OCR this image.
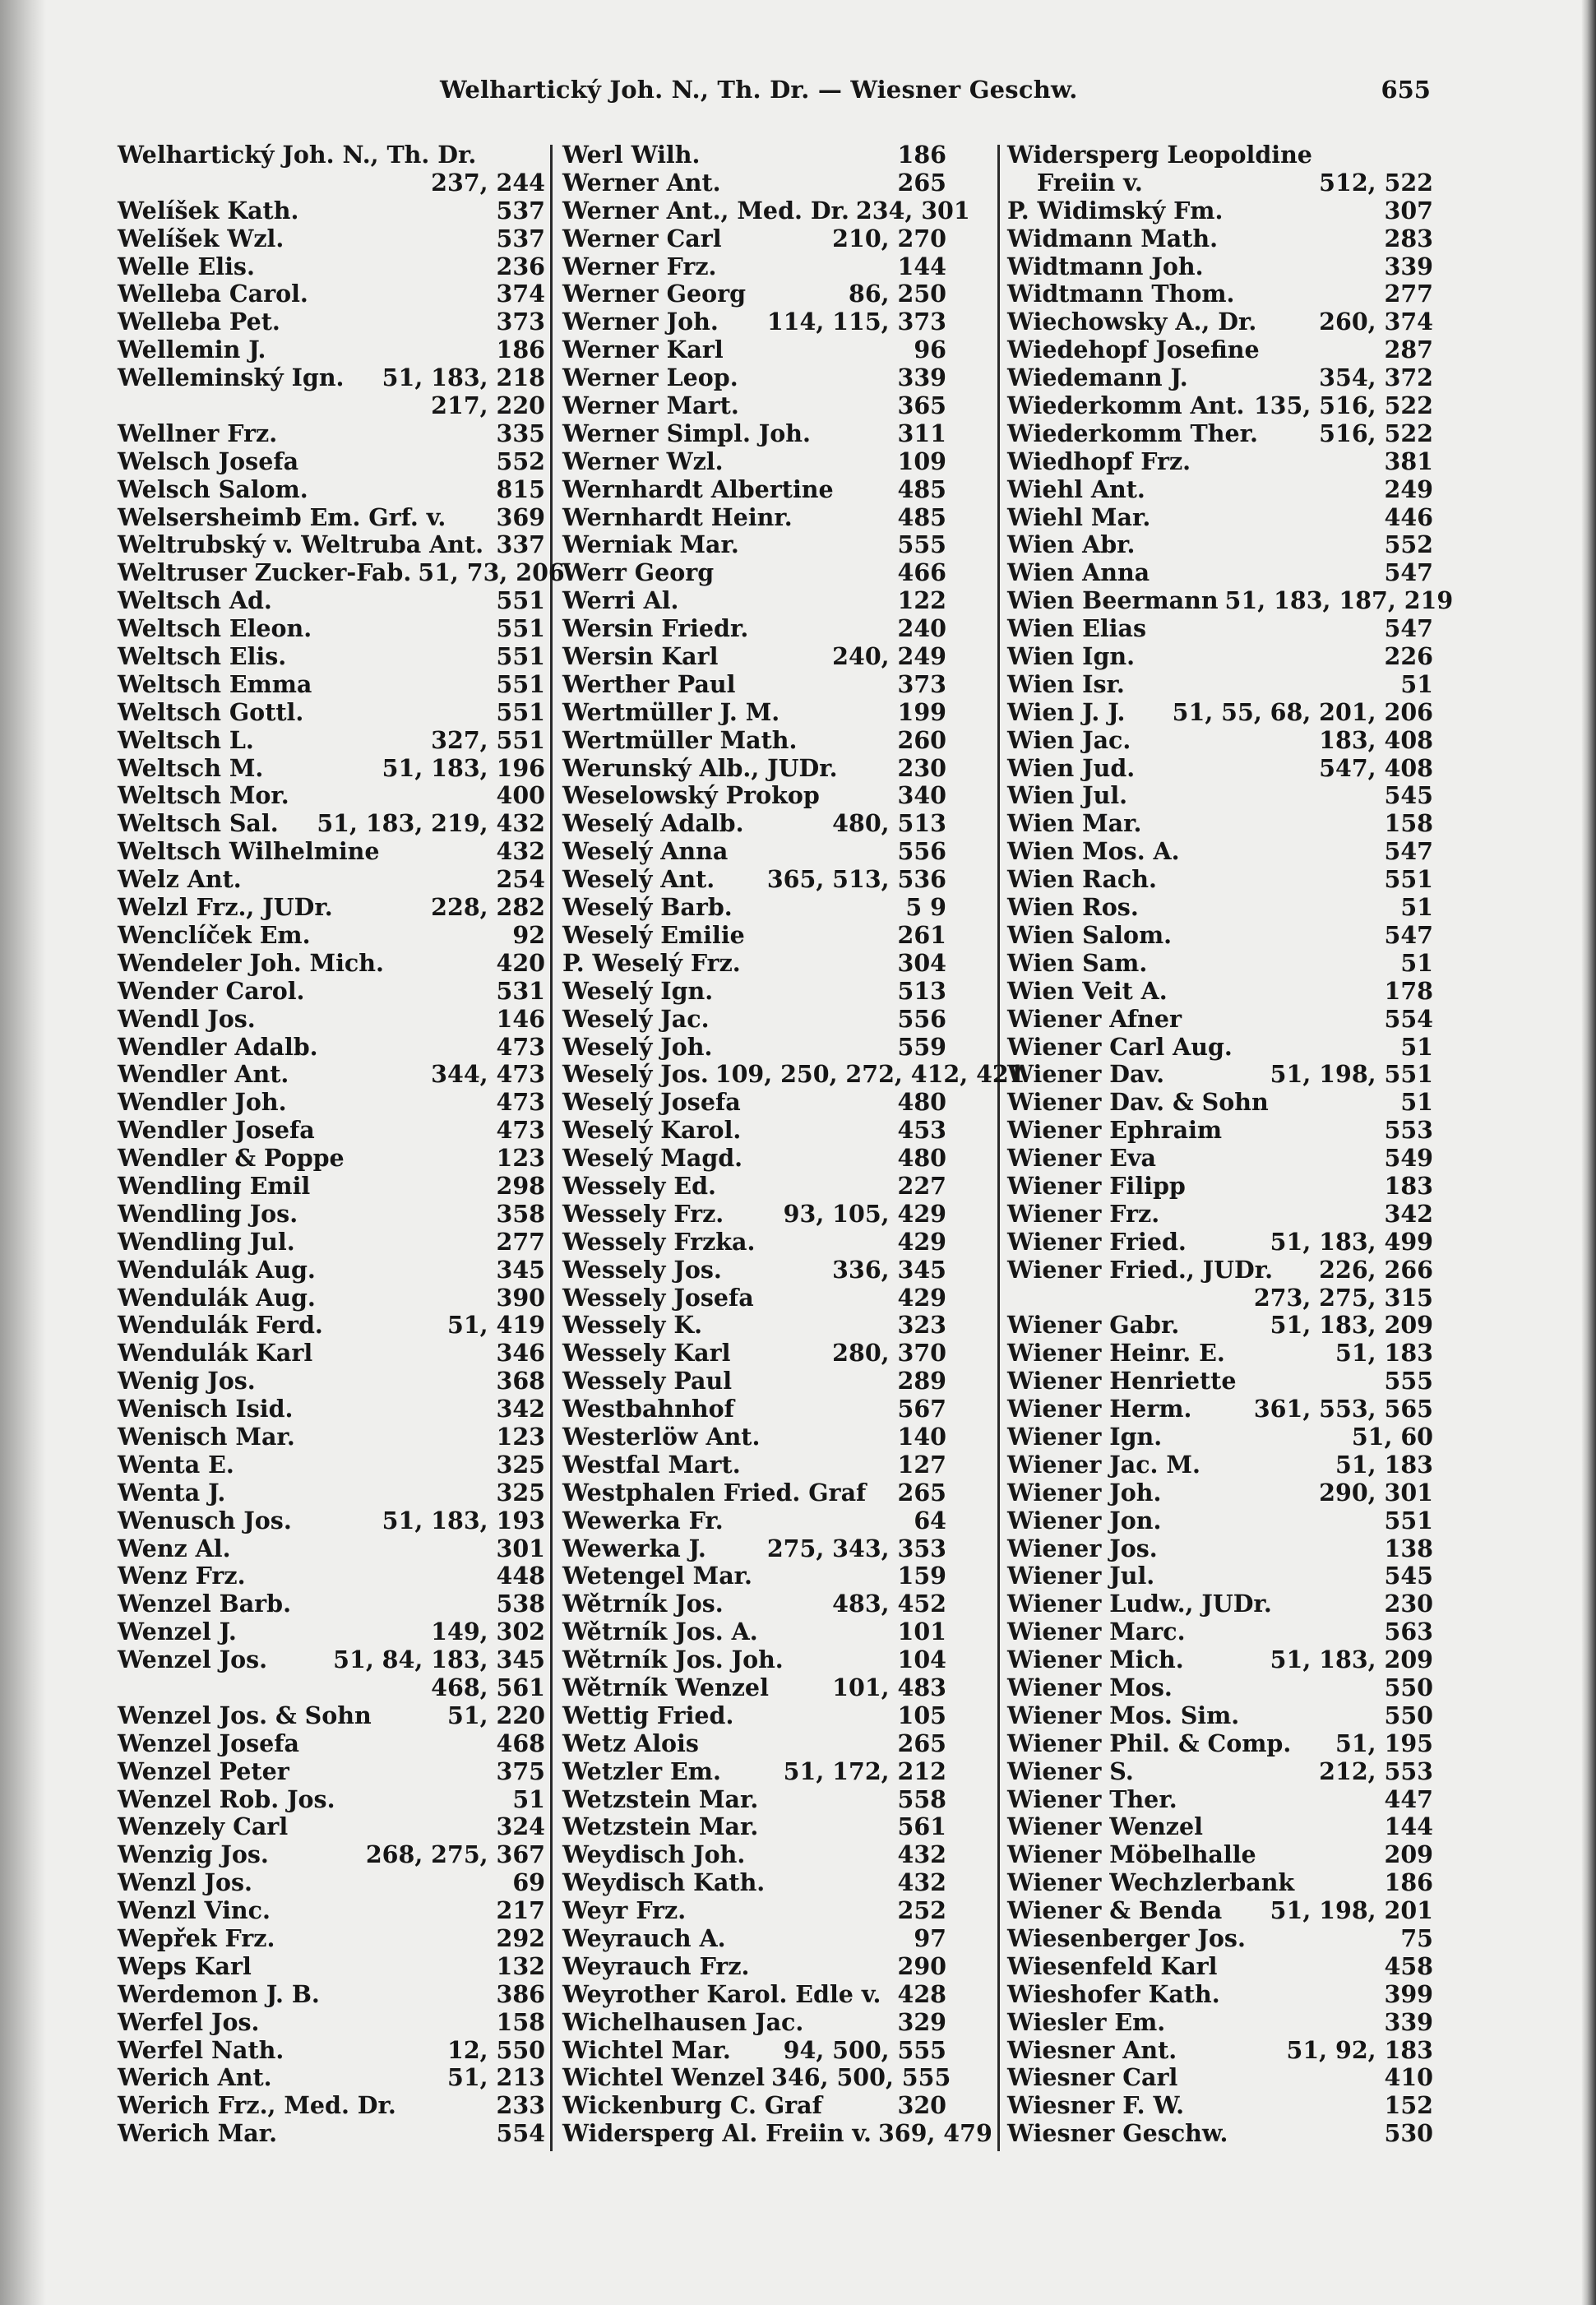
Welhartický Joh. N., Th. Dr. — Wiesner Geschw.	655
Welhartický Joh. N., Th. Dr.
237, 244
Welíšek Kath.	537
Welíšek Wzl.	537
Welle Elis.	236
Welleba Carol.	374
Welleba Pet.	373
Wellemin J.	186
Welleminský Ign. 51, 183, 218
217, 220
Wellner Frz.	335
Welsch Josefa	552
Welsch Salom.	815
Welsersheimb Em. Grf. v. 369
Weltrubský v. Weltruba Ant. 337
Weltruser Zucker-Fab. 51, 73, 206
Weltsch Ad.	551
Weltsch Eleon.	551
Weltsch Elis.	551
Weltsch Emma	551
Weltsch Gottl.	551
Weltsch L.	327, 551
Weltsch M.	51, 183, 196
Weltsch Mor.	400
Weltsch Sal. 51, 183, 219, 432
Weltsch Wilhelmine	432
Welz Ant.	254
Welzl Frz., JUDr.	228, 282
Wenclíček Em.	92
Wendeler Joh. Mich.	420
Wender Carol.	531
Wendl Jos.	146
Wendler Adalb.	473
Wendler Ant.	344, 473
Wendler Joh.	473
Wendler Josefa	473
Wendler & Poppe	123
Wendling Emil	298
Wendling Jos.	358
Wendling Jul.	277
Wendulák Aug.	345
Wendulák Aug.	390
Wendulák Ferd.	51, 419
Wendulák Karl	346
Wenig Jos.	368
Wenisch Isid.	342
Wenisch Mar.	123
Wenta E.	325
Wenta J.	325
Wenusch Jos.	51, 183, 193
Wenz Al.	301
Wenz Frz.	448
Wenzel Barb.	538
Wenzel J.	149, 302
Wenzel Jos.	51, 84, 183, 345
468, 561
Wenzel Jos. & Sohn	51, 220
Wenzel Josefa	468
Wenzel Peter	375
Wenzel Rob. Jos.	51
Wenzely Carl	324
Wenzig Jos.	268, 275, 367
Wenzl Jos.	69
Wenzl Vinc.	217
Wepřek Frz.	292
Weps Karl	132
Werdemon J. B.	386
Werfel Jos.	158
Werfel Nath.	12, 550
Werich Ant.	51, 213
Werich Frz., Med. Dr.	233
Werich Mar.	554
Werl Wilh.	186
Werner Ant.	265
Werner Ant., Med. Dr. 234, 301
Werner Carl	210, 270
Werner Frz.	144
Werner Georg	86, 250
Werner Joh. 114, 115, 373
Werner Karl	96
Werner Leop.	339
Werner Mart.	365
Werner Simpl. Joh.	311
Werner Wzl.	109
Wernhardt Albertine	485
Wernhardt Heinr.	485
Werniak Mar.	555
Werr Georg	466
Werri Al.	122
Wersin Friedr.	240
Wersin Karl	240, 249
Werther Paul	373
Wertmüller J. M.	199
Wertmüller Math.	260
Werunský Alb., JUDr.	230
Weselowský Prokop	340
Weselý Adalb.	480, 513
Weselý Anna	556
Weselý Ant. 365, 513, 536
Weselý Barb.	5 9
Weselý Emilie	261
P. Weselý Frz.	304
Weselý Ign.	513
Weselý Jac.	556
Weselý Joh.	559
Weselý Jos. 109, 250, 272, 412, 421
Weselý Josefa	480
Weselý Karol.	453
Weselý Magd.	480
Wessely Ed.	227
Wessely Frz.	93, 105, 429
Wessely Frzka.	429
Wessely Jos.	336, 345
Wessely Josefa	429
Wessely K.	323
Wessely Karl	280, 370
Wessely Paul	289
Westbahnhof	567
Westerlöw Ant.	140
Westfal Mart.	127
Westphalen Fried. Graf 265
Wewerka Fr.	64
Wewerka J.	275, 343, 353
Wetengel Mar.	159
Wětrník Jos.	483, 452
Wětrník Jos. A.	101
Wětrník Jos. Joh.	104
Wětrník Wenzel	101, 483
Wettig Fried.	105
Wetz Alois	265
Wetzler Em.	51, 172, 212
Wetzstein Mar.	558
Wetzstein Mar.	561
Weydisch Joh.	432
Weydisch Kath.	432
Weyr Frz.	252
Weyrauch A.	97
Weyrauch Frz.	290
Weyrother Karol. Edle v. 428
Wichelhausen Jac.	329
Wichtel Mar. 94, 500, 555
Wichtel Wenzel 346, 500, 555
Wickenburg C. Graf	320
Widersperg Al. Freiin v. 369, 479
Widersperg Leopoldine
Freiin v.	512, 522
P. Widimský Fm.	307
Widmann Math.	283
Widtmann Joh.	339
Widtmann Thom.	277
Wiechowsky A., Dr.	260, 374
Wiedehopf Josefine	287
Wiedemann J.	354, 372
Wiederkomm Ant. 135, 516, 522
Wiederkomm Ther.	516, 522
Wiedhopf Frz.	381
Wiehl Ant.	249
Wiehl Mar.	446
Wien Abr.	552
Wien Anna	547
Wien Beermann 51, 183, 187, 219
Wien Elias	547
Wien Ign.	226
Wien Isr.	51
Wien J. J. 51, 55, 68, 201, 206
Wien Jac.	183, 408
Wien Jud.	547, 408
Wien Jul.	545
Wien Mar.	158
Wien Mos. A.	547
Wien Rach.	551
Wien Ros.	51
Wien Salom.	547
Wien Sam.	51
Wien Veit A.	178
Wiener Afner	554
Wiener Carl Aug.	51
Wiener Dav.	51, 198, 551
Wiener Dav. & Sohn	51
Wiener Ephraim	553
Wiener Eva	549
Wiener Filipp	183
Wiener Frz.	342
Wiener Fried.	51, 183, 499
Wiener Fried., JUDr. 226, 266
273, 275, 315
Wiener Gabr.	51, 183, 209
Wiener Heinr. E.	51, 183
Wiener Henriette	555
Wiener Herm.	361, 553, 565
Wiener Ign.	51, 60
Wiener Jac. M.	51, 183
Wiener Joh.	290, 301
Wiener Jon.	551
Wiener Jos.	138
Wiener Jul.	545
Wiener Ludw., JUDr.	230
Wiener Marc.	563
Wiener Mich.	51, 183, 209
Wiener Mos.	550
Wiener Mos. Sim.	550
Wiener Phil. & Comp. 51, 195
Wiener S.	212, 553
Wiener Ther.	447
Wiener Wenzel	144
Wiener Möbelhalle	209
Wiener Wechzlerbank	186
Wiener & Benda 51, 198, 201
Wiesenberger Jos.	75
Wiesenfeld Karl	458
Wieshofer Kath.	399
Wiesler Em.	339
Wiesner Ant.	51, 92, 183
Wiesner Carl	410
Wiesner F. W.	152
Wiesner Geschw.	530
